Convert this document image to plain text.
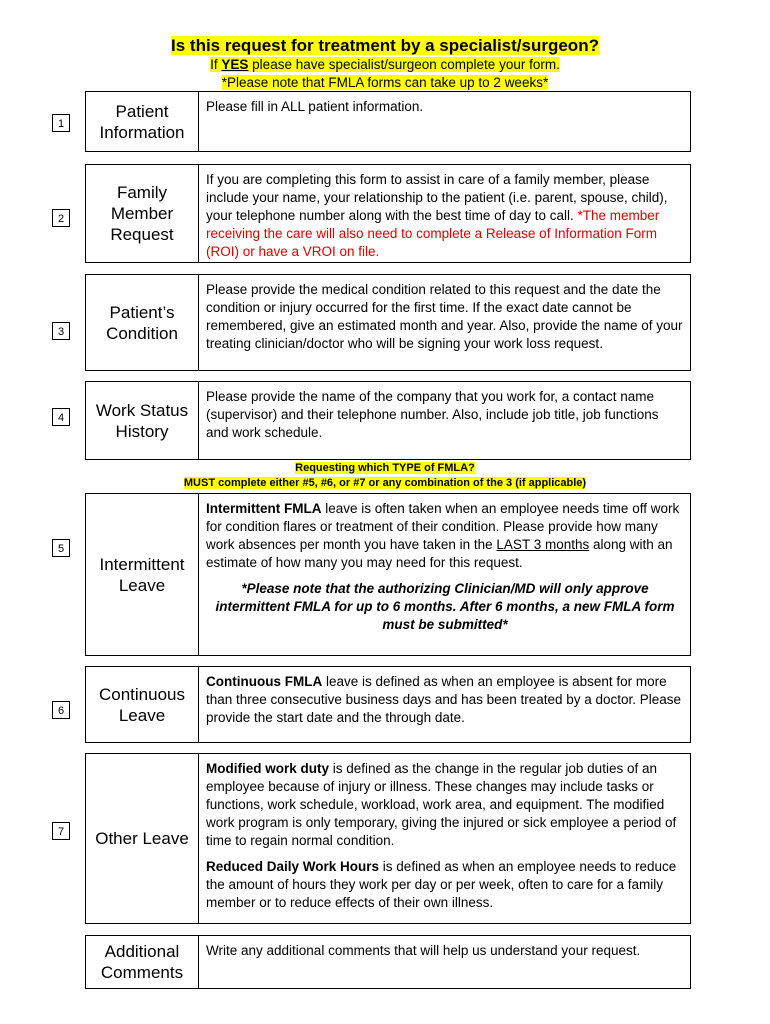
Is this request for treatment by a specialist/surgeon?
If YES please have specialist/surgeon complete your form.
*Please note that FMLA forms can take up to 2 weeks*
1
Patient Information
Please fill in ALL patient information.
2
Family Member Request
If you are completing this form to assist in care of a family member, please include your name, your relationship to the patient (i.e. parent, spouse, child), your telephone number along with the best time of day to call. *The member receiving the care will also need to complete a Release of Information Form (ROI) or have a VROI on file.
3
Patient’s Condition
Please provide the medical condition related to this request and the date the condition or injury occurred for the first time. If the exact date cannot be remembered, give an estimated month and year. Also, provide the name of your treating clinician/doctor who will be signing your work loss request.
4	Work Status History
Please provide the name of the company that you work for, a contact name (supervisor) and their telephone number. Also, include job title, job functions and work schedule.
Requesting which TYPE of FMLA?
MUST complete either #5, #6, or #7 or any combination of the 3 (if applicable)
5
Intermittent Leave
Intermittent FMLA leave is often taken when an employee needs time off work for condition flares or treatment of their condition. Please provide how many work absences per month you have taken in the LAST 3 months along with an estimate of how many you may need for this request.
*Please note that the authorizing Clinician/MD will only approve intermittent FMLA for up to 6 months. After 6 months, a new FMLA form must be submitted*
6
Continuous Leave
Continuous FMLA leave is defined as when an employee is absent for more than three consecutive business days and has been treated by a doctor. Please provide the start date and the through date.
7	Other Leave
Modified work duty is defined as the change in the regular job duties of an employee because of injury or illness. These changes may include tasks or functions, work schedule, workload, work area, and equipment. The modified work program is only temporary, giving the injured or sick employee a period of time to regain normal condition.
Reduced Daily Work Hours is defined as when an employee needs to reduce the amount of hours they work per day or per week, often to care for a family member or to reduce effects of their own illness.
Additional Comments
Write any additional comments that will help us understand your request.
